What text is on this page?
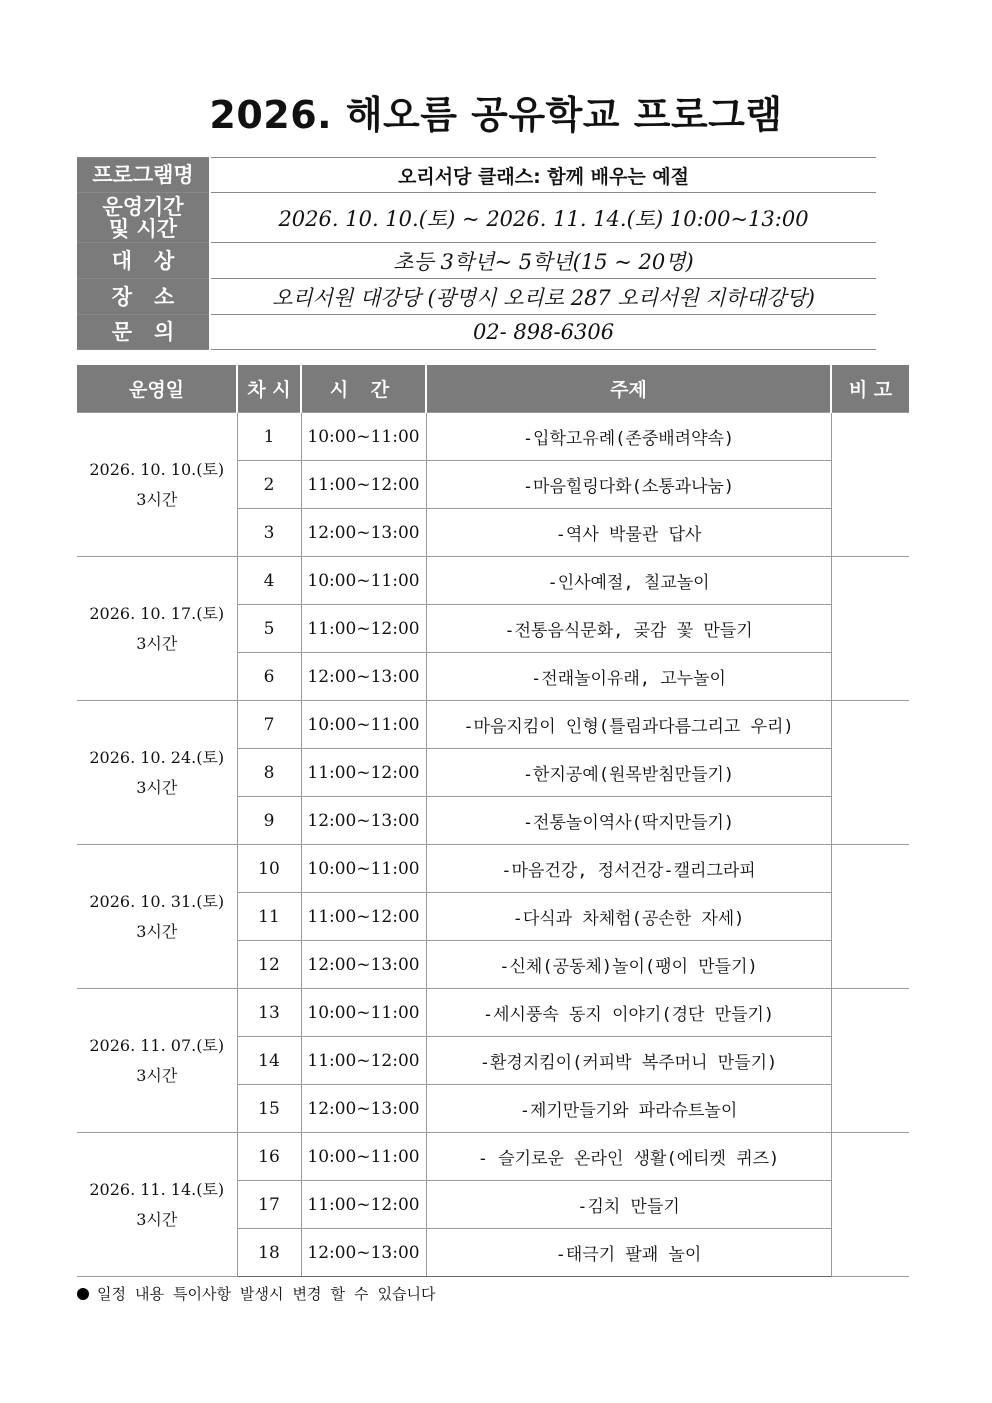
2026. 해오름 공유학교 프로그램
프로그램명	오리서당 클래스: 함께 배우는 예절

운영기간
및 시간	2026. 10. 10.(토) ~ 2026. 11. 14.(토) 10:00~13:00
대상	초등 3학년~ 5학년(15 ~ 20명)
장소	오리서원 대강당 (광명시 오리로 287 오리서원 지하대강당)
문의	02- 898-6306
운영일	차 시	시 간	주제	비 고

2026. 10. 10.(토)
3시간	1	10:00~11:00	-입학고유례(존중배려약속)	
	2	11:00~12:00	-마음힐링다화(소통과나눔)	
	3	12:00~13:00	-역사 박물관 답사	

2026. 10. 17.(토)
3시간	4	10:00~11:00	-인사예절, 칠교놀이	
	5	11:00~12:00	-전통음식문화, 곶감 꽃 만들기	
	6	12:00~13:00	-전래놀이유래, 고누놀이	

2026. 10. 24.(토)
3시간	7	10:00~11:00	-마음지킴이 인형(틀림과다름그리고 우리)	
	8	11:00~12:00	-한지공예(원목받침만들기)	
	9	12:00~13:00	-전통놀이역사(딱지만들기)	

2026. 10. 31.(토)
3시간	10	10:00~11:00	-마음건강, 정서건강-캘리그라피	
	11	11:00~12:00	-다식과 차체험(공손한 자세)	
	12	12:00~13:00	-신체(공동체)놀이(팽이 만들기)	

2026. 11. 07.(토)
3시간	13	10:00~11:00	-세시풍속 동지 이야기(경단 만들기)	
	14	11:00~12:00	-환경지킴이(커피박 복주머니 만들기)	
	15	12:00~13:00	-제기만들기와 파라슈트놀이	

2026. 11. 14.(토)
3시간	16	10:00~11:00	- 슬기로운 온라인 생활(에티켓 퀴즈)	
	17	11:00~12:00	-김치 만들기	
	18	12:00~13:00	-태극기 팔괘 놀이	
일정 내용 특이사항 발생시 변경 할 수 있습니다
